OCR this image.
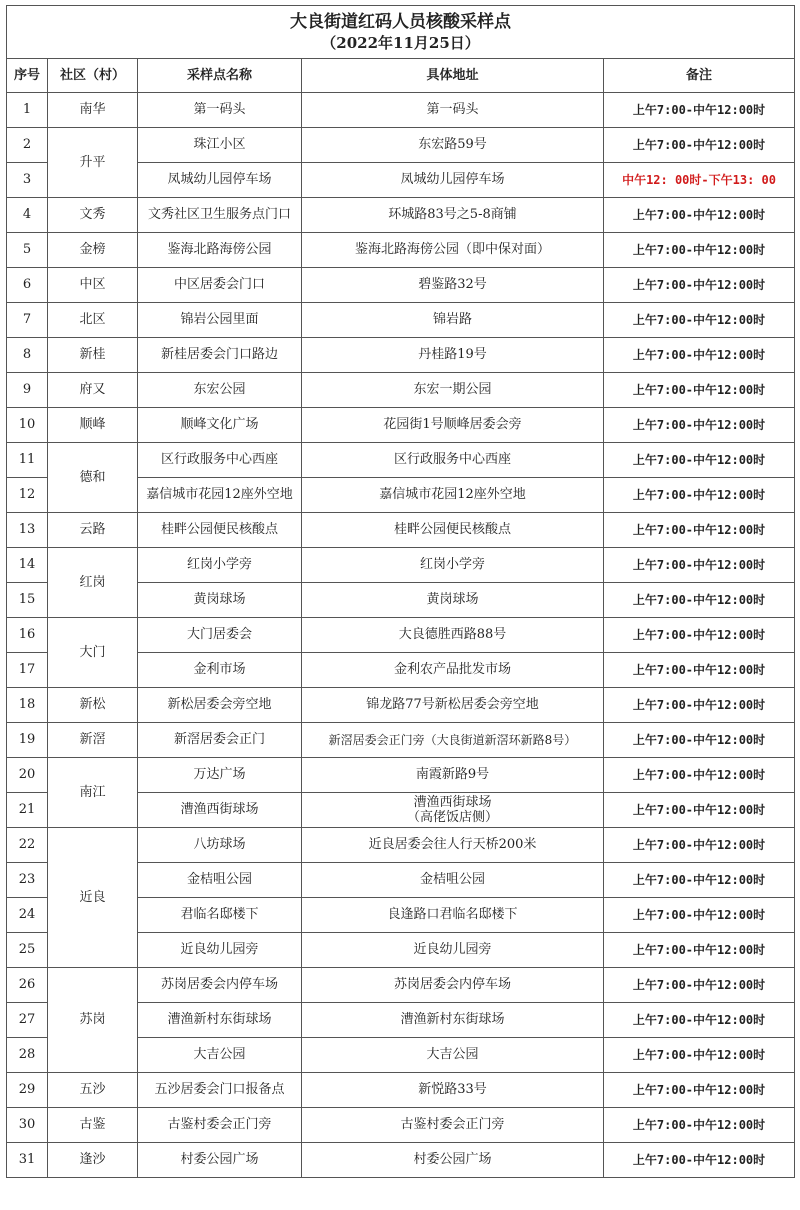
大良街道红码人员核酸采样点
（2022年11月25日）				

序号	社区（村）	采样点名称	具体地址	备注
1	南华	第一码头	第一码头	上午7:00-中午12:00时
2	升平	珠江小区	东宏路59号	上午7:00-中午12:00时
3		凤城幼儿园停车场	凤城幼儿园停车场	中午12: 00时-下午13: 00
4	文秀	文秀社区卫生服务点门口	环城路83号之5-8商铺	上午7:00-中午12:00时
5	金榜	鉴海北路海傍公园	鉴海北路海傍公园（即中保对面）	上午7:00-中午12:00时
6	中区	中区居委会门口	碧鉴路32号	上午7:00-中午12:00时
7	北区	锦岩公园里面	锦岩路	上午7:00-中午12:00时
8	新桂	新桂居委会门口路边	丹桂路19号	上午7:00-中午12:00时
9	府又	东宏公园	东宏一期公园	上午7:00-中午12:00时
10	顺峰	顺峰文化广场	花园街1号顺峰居委会旁	上午7:00-中午12:00时
11	德和	区行政服务中心西座	区行政服务中心西座	上午7:00-中午12:00时
12		嘉信城市花园12座外空地	嘉信城市花园12座外空地	上午7:00-中午12:00时
13	云路	桂畔公园便民核酸点	桂畔公园便民核酸点	上午7:00-中午12:00时
14	红岗	红岗小学旁	红岗小学旁	上午7:00-中午12:00时
15		黄岗球场	黄岗球场	上午7:00-中午12:00时
16	大门	大门居委会	大良德胜西路88号	上午7:00-中午12:00时
17		金利市场	金利农产品批发市场	上午7:00-中午12:00时
18	新松	新松居委会旁空地	锦龙路77号新松居委会旁空地	上午7:00-中午12:00时
19	新滘	新滘居委会正门	新滘居委会正门旁（大良街道新滘环新路8号）	上午7:00-中午12:00时
20	南江	万达广场	南霞新路9号	上午7:00-中午12:00时
21		漕渔西街球场	漕渔西街球场
（高佬饭店侧）	上午7:00-中午12:00时
22	近良	八坊球场	近良居委会往人行天桥200米	上午7:00-中午12:00时
23		金桔咀公园	金桔咀公园	上午7:00-中午12:00时
24		君临名邸楼下	良逢路口君临名邸楼下	上午7:00-中午12:00时
25		近良幼儿园旁	近良幼儿园旁	上午7:00-中午12:00时
26	苏岗	苏岗居委会内停车场	苏岗居委会内停车场	上午7:00-中午12:00时
27		漕渔新村东街球场	漕渔新村东街球场	上午7:00-中午12:00时
28		大吉公园	大吉公园	上午7:00-中午12:00时
29	五沙	五沙居委会门口报备点	新悦路33号	上午7:00-中午12:00时
30	古鉴	古鉴村委会正门旁	古鉴村委会正门旁	上午7:00-中午12:00时
31	逢沙	村委公园广场	村委公园广场	上午7:00-中午12:00时
